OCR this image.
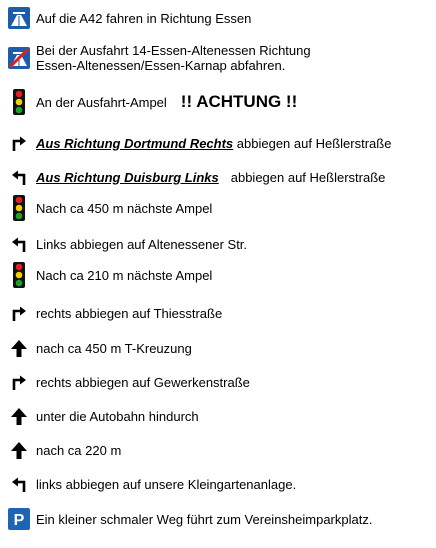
Auf die A42 fahren in Richtung Essen
Bei der Ausfahrt 14-Essen-Altenessen Richtung
Essen-Altenessen/Essen-Karnap abfahren.
An der Ausfahrt-Ampel !! ACHTUNG !!
Aus Richtung Dortmund Rechts abbiegen auf Heßlerstraße
Aus Richtung Duisburg Links abbiegen auf Heßlerstraße
Nach ca 450 m nächste Ampel
Links abbiegen auf Altenessener Str.
Nach ca 210 m nächste Ampel
rechts abbiegen auf Thiesstraße
nach ca 450 m T-Kreuzung
rechts abbiegen auf Gewerkenstraße
unter die Autobahn hindurch
nach ca 220 m
links abbiegen auf unsere Kleingartenanlage.
P Ein kleiner schmaler Weg führt zum Vereinsheimparkplatz.
